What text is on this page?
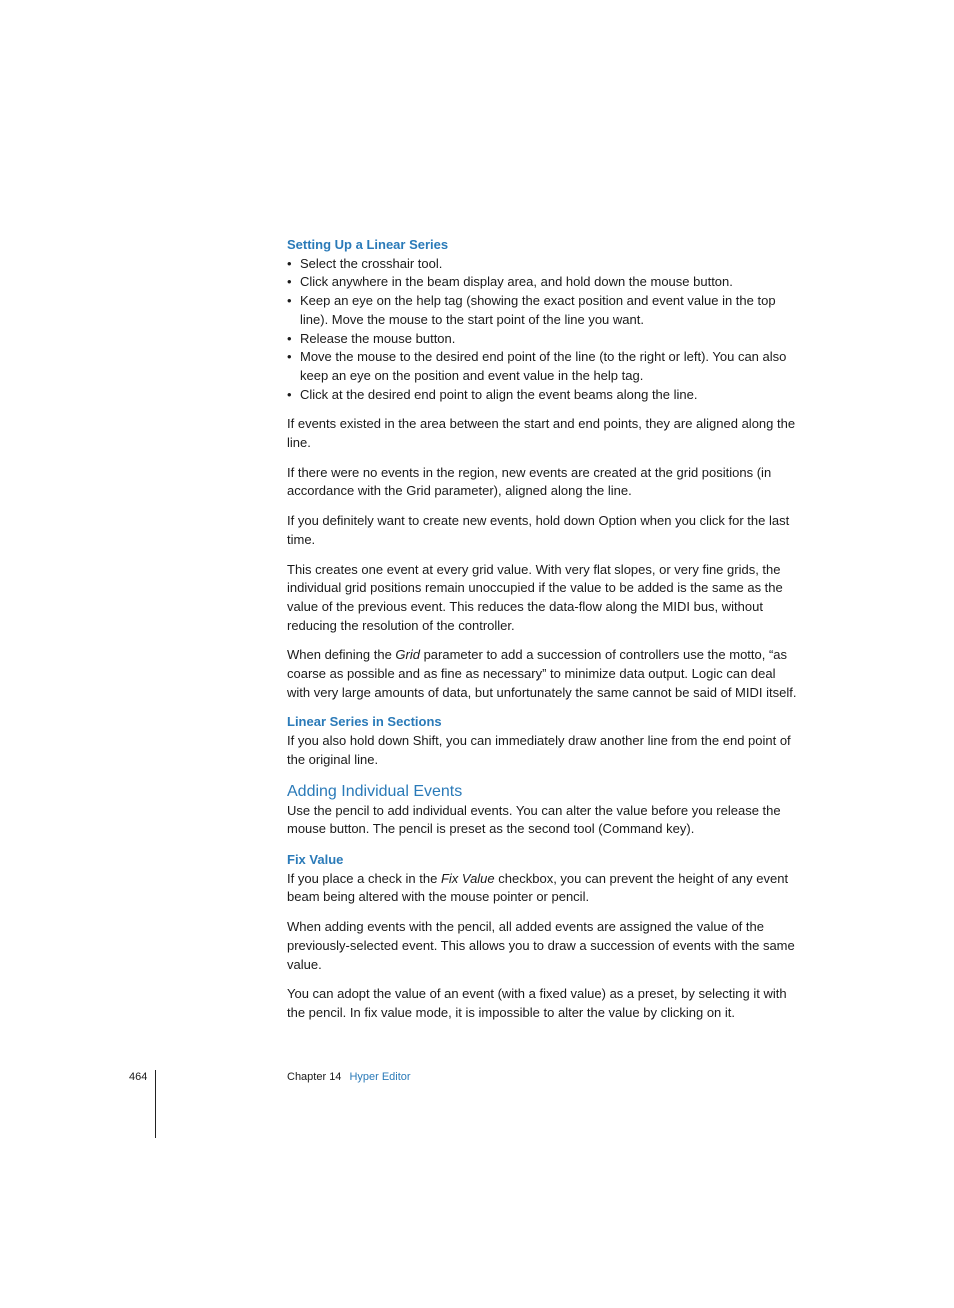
Setting Up a Linear Series
• Select the crosshair tool.
• Click anywhere in the beam display area, and hold down the mouse button.
• Keep an eye on the help tag (showing the exact position and event value in the top line). Move the mouse to the start point of the line you want.
• Release the mouse button.
• Move the mouse to the desired end point of the line (to the right or left). You can also keep an eye on the position and event value in the help tag.
• Click at the desired end point to align the event beams along the line.

If events existed in the area between the start and end points, they are aligned along the line.

If there were no events in the region, new events are created at the grid positions (in accordance with the Grid parameter), aligned along the line.

If you definitely want to create new events, hold down Option when you click for the last time.

This creates one event at every grid value. With very flat slopes, or very fine grids, the individual grid positions remain unoccupied if the value to be added is the same as the value of the previous event. This reduces the data-flow along the MIDI bus, without reducing the resolution of the controller.

When defining the Grid parameter to add a succession of controllers use the motto, “as coarse as possible and as fine as necessary” to minimize data output. Logic can deal with very large amounts of data, but unfortunately the same cannot be said of MIDI itself.

Linear Series in Sections

If you also hold down Shift, you can immediately draw another line from the end point of the original line.

Adding Individual Events

Use the pencil to add individual events. You can alter the value before you release the mouse button. The pencil is preset as the second tool (Command key).

Fix Value

If you place a check in the Fix Value checkbox, you can prevent the height of any event beam being altered with the mouse pointer or pencil.

When adding events with the pencil, all added events are assigned the value of the previously-selected event. This allows you to draw a succession of events with the same value.

You can adopt the value of an event (with a fixed value) as a preset, by selecting it with the pencil. In fix value mode, it is impossible to alter the value by clicking on it.

464	Chapter 14 Hyper Editor
